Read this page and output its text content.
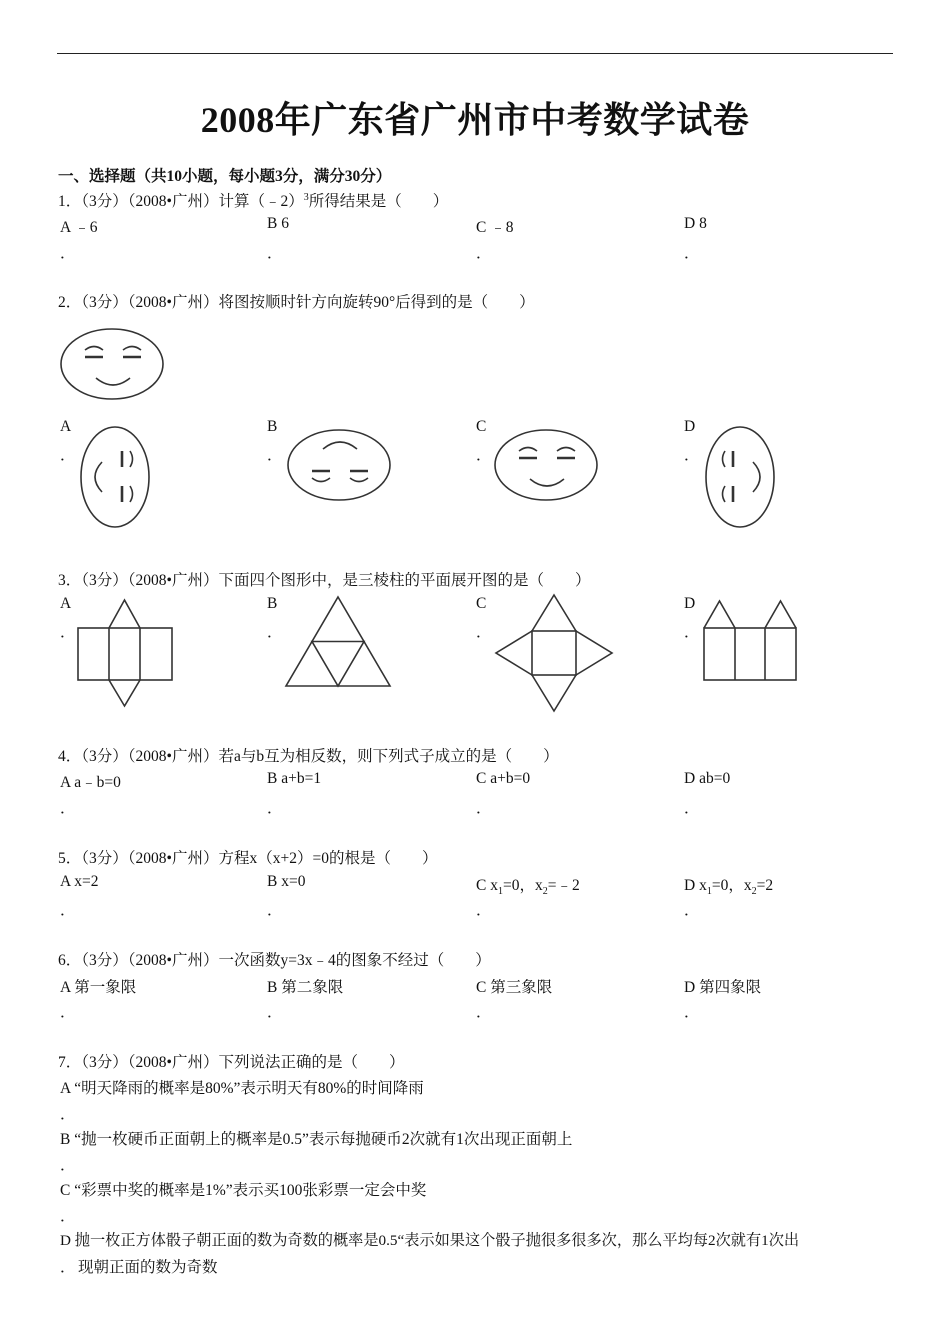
2008年广东省广州市中考数学试卷
一、选择题（共10小题，每小题3分，满分30分）
1．（3分）（2008•广州）计算（﹣2）$^3$所得结果是（　　）
A ﹣6	B 6	C ﹣8	D 8
．	．	．	．
2．（3分）（2008•广州）将图按顺时针方向旋转90°后得到的是（　　）
A	B	C	D
．	．	．	．
3．（3分）（2008•广州）下面四个图形中，是三棱柱的平面展开图的是（　　）
A	B	C	D
．	．	．	．
4．（3分）（2008•广州）若a与b互为相反数，则下列式子成立的是（　　）
A a﹣b=0	B a+b=1	C a+b=0	D ab=0
．	．	．	．
5．（3分）（2008•广州）方程x（x+2）=0的根是（　　）
A x=2	B x=0	C $x_1=0$，$x_2=﹣2$	D $x_1=0$，$x_2=2$
．	．	．	．
6．（3分）（2008•广州）一次函数y=3x﹣4的图象不经过（　　）
A 第一象限	B 第二象限	C 第三象限	D 第四象限
．	．	．	．
7．（3分）（2008•广州）下列说法正确的是（　　）
A “明天降雨的概率是80%”表示明天有80%的时间降雨
．
B “抛一枚硬币正面朝上的概率是0.5”表示每抛硬币2次就有1次出现正面朝上
．
C “彩票中奖的概率是1%”表示买100张彩票一定会中奖
．
D 抛一枚正方体骰子朝正面的数为奇数的概率是0.5“表示如果这个骰子抛很多很多次，那么平均每2次就有1次出
． 现朝正面的数为奇数
